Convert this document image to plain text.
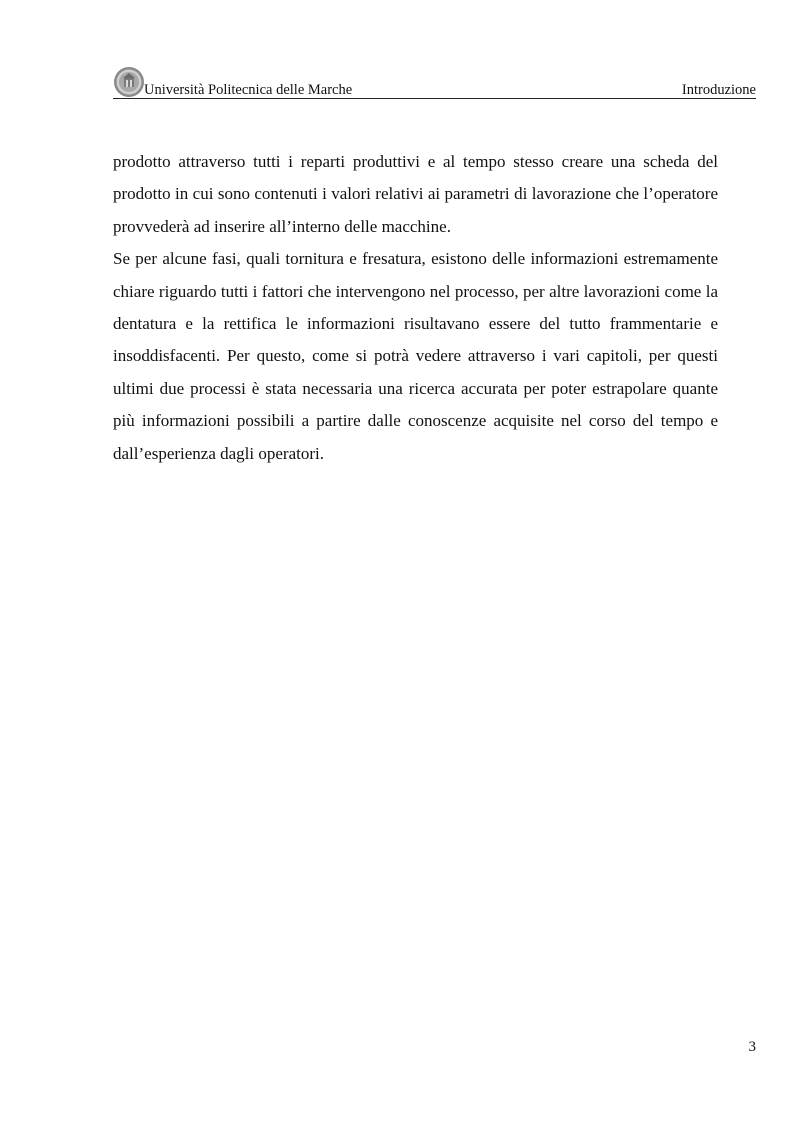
Università Politecnica delle Marche	Introduzione

prodotto attraverso tutti i reparti produttivi e al tempo stesso creare una scheda del prodotto in cui sono contenuti i valori relativi ai parametri di lavorazione che l’operatore provvederà ad inserire all’interno delle macchine.

Se per alcune fasi, quali tornitura e fresatura, esistono delle informazioni estremamente chiare riguardo tutti i fattori che intervengono nel processo, per altre lavorazioni come la dentatura e la rettifica le informazioni risultavano essere del tutto frammentarie e insoddisfacenti. Per questo, come si potrà vedere attraverso i vari capitoli, per questi ultimi due processi è stata necessaria una ricerca accurata per poter estrapolare quante più informazioni possibili a partire dalle conoscenze acquisite nel corso del tempo e dall’esperienza dagli operatori.

3
